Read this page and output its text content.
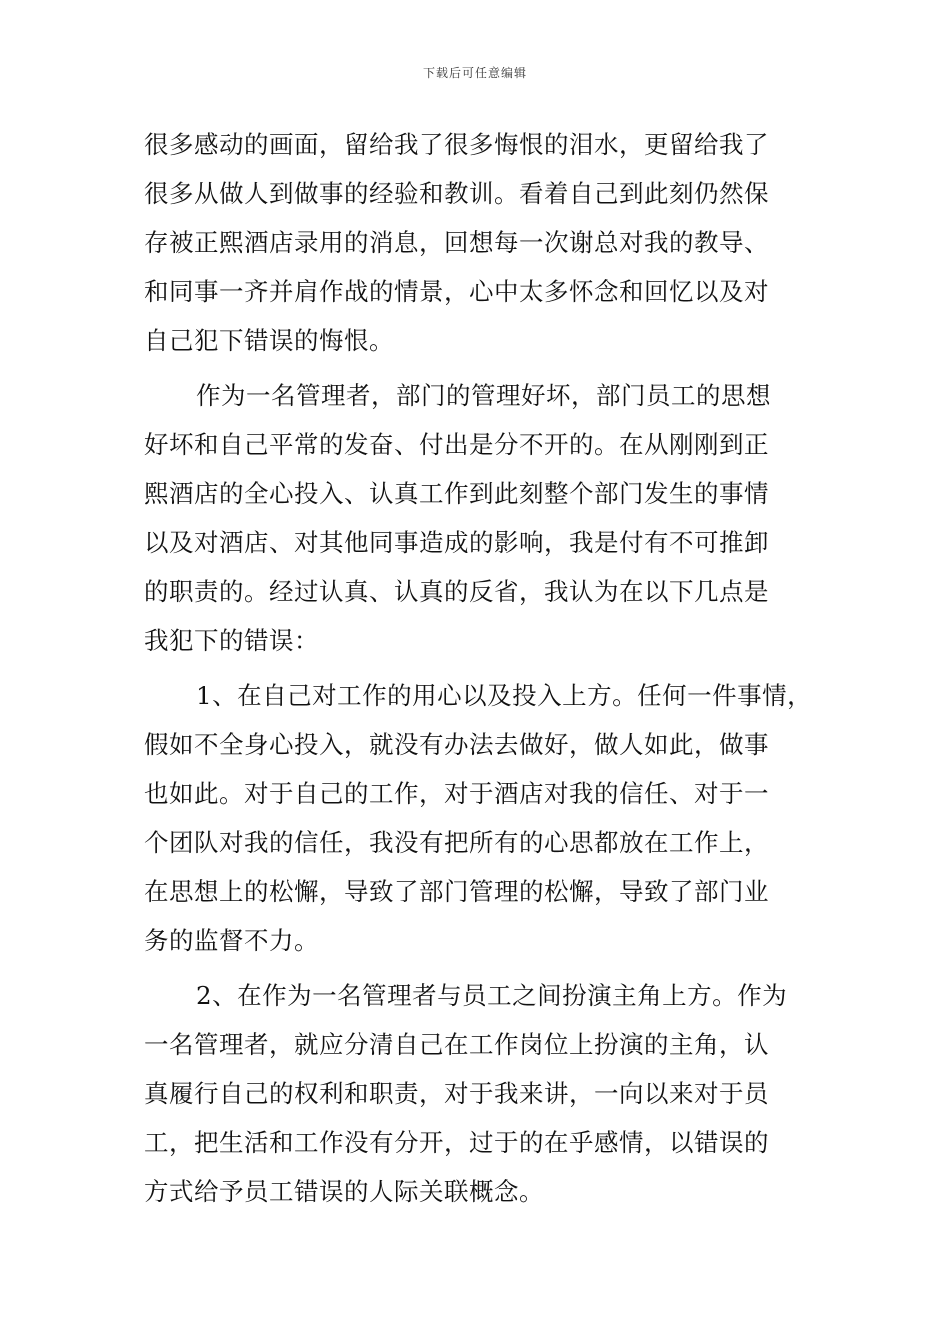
下载后可任意编辑
很多感动的画面，留给我了很多悔恨的泪水，更留给我了
很多从做人到做事的经验和教训。看着自己到此刻仍然保
存被正熙酒店录用的消息，回想每一次谢总对我的教导、
和同事一齐并肩作战的情景，心中太多怀念和回忆以及对
自己犯下错误的悔恨。
作为一名管理者，部门的管理好坏，部门员工的思想
好坏和自己平常的发奋、付出是分不开的。在从刚刚到正
熙酒店的全心投入、认真工作到此刻整个部门发生的事情
以及对酒店、对其他同事造成的影响，我是付有不可推卸
的职责的。经过认真、认真的反省，我认为在以下几点是
我犯下的错误：
1、在自己对工作的用心以及投入上方。任何一件事情，
假如不全身心投入，就没有办法去做好，做人如此，做事
也如此。对于自己的工作，对于酒店对我的信任、对于一
个团队对我的信任，我没有把所有的心思都放在工作上，
在思想上的松懈，导致了部门管理的松懈，导致了部门业
务的监督不力。
2、在作为一名管理者与员工之间扮演主角上方。作为
一名管理者，就应分清自己在工作岗位上扮演的主角，认
真履行自己的权利和职责，对于我来讲，一向以来对于员
工，把生活和工作没有分开，过于的在乎感情，以错误的
方式给予员工错误的人际关联概念。
